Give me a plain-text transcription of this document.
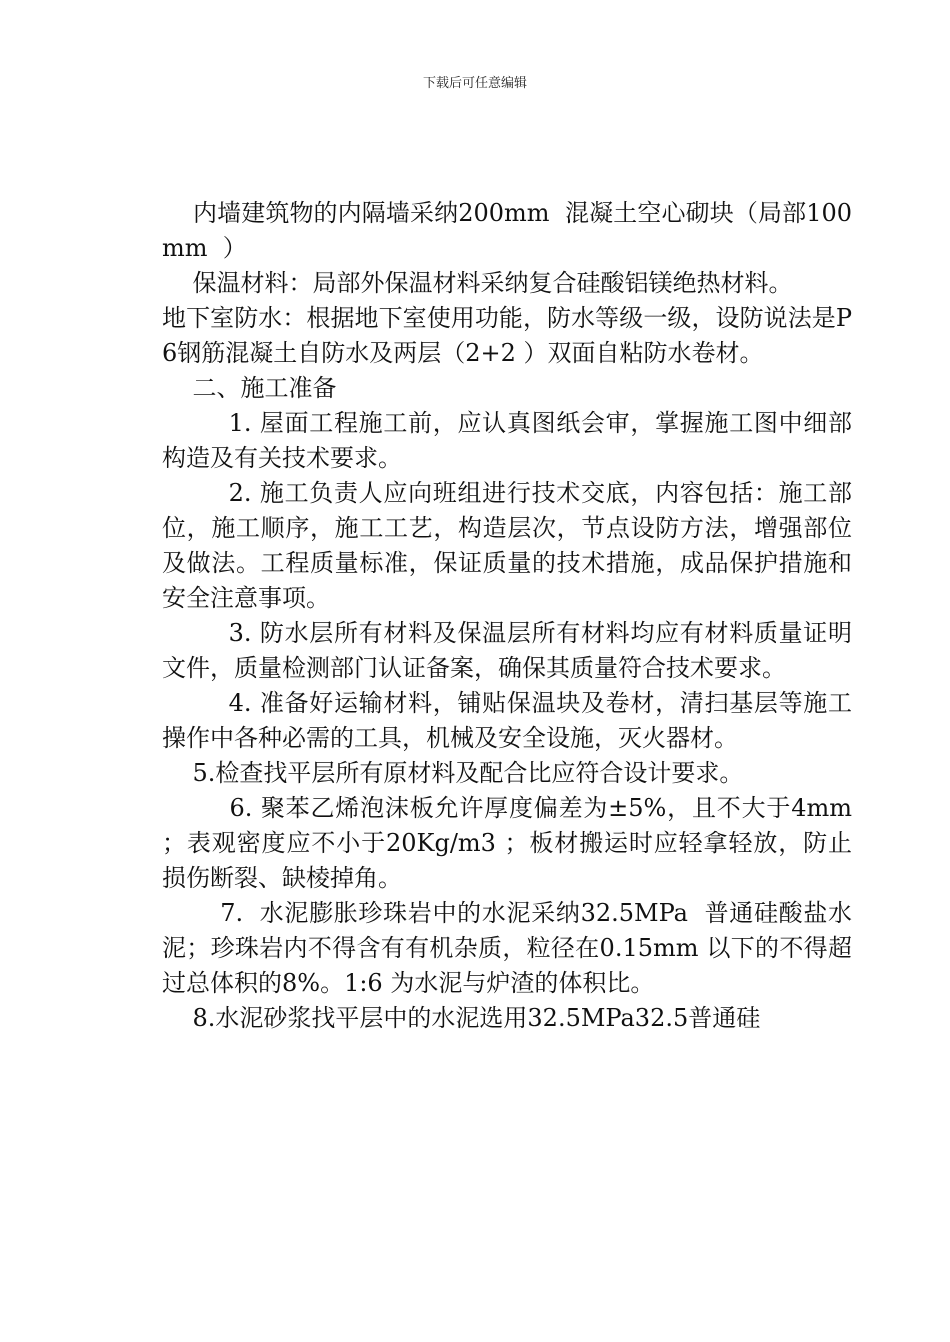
下载后可任意编辑

内墙建筑物的内隔墙采纳200mm  混凝土空心砌块（局部100mm  ）

保温材料：局部外保温材料采纳复合硅酸铝镁绝热材料。

地下室防水：根据地下室使用功能，防水等级一级，设防说法是P6钢筋混凝土自防水及两层（2+2 ）双面自粘防水卷材。

二、施工准备

1. 屋面工程施工前，应认真图纸会审，掌握施工图中细部构造及有关技术要求。

2. 施工负责人应向班组进行技术交底，内容包括：施工部位，施工顺序，施工工艺，构造层次，节点设防方法，增强部位及做法。工程质量标准，保证质量的技术措施，成品保护措施和安全注意事项。

3. 防水层所有材料及保温层所有材料均应有材料质量证明文件，质量检测部门认证备案，确保其质量符合技术要求。

4. 准备好运输材料，铺贴保温块及卷材，清扫基层等施工操作中各种必需的工具，机械及安全设施，灭火器材。

5.检查找平层所有原材料及配合比应符合设计要求。

6. 聚苯乙烯泡沫板允许厚度偏差为±5%，且不大于4mm ；表观密度应不小于20Kg/m3 ；板材搬运时应轻拿轻放，防止损伤断裂、缺棱掉角。

7.  水泥膨胀珍珠岩中的水泥采纳32.5MPa  普通硅酸盐水泥；珍珠岩内不得含有有机杂质，粒径在0.15mm 以下的不得超过总体积的8%。1:6 为水泥与炉渣的体积比。

8.水泥砂浆找平层中的水泥选用32.5MPa32.5普通硅
